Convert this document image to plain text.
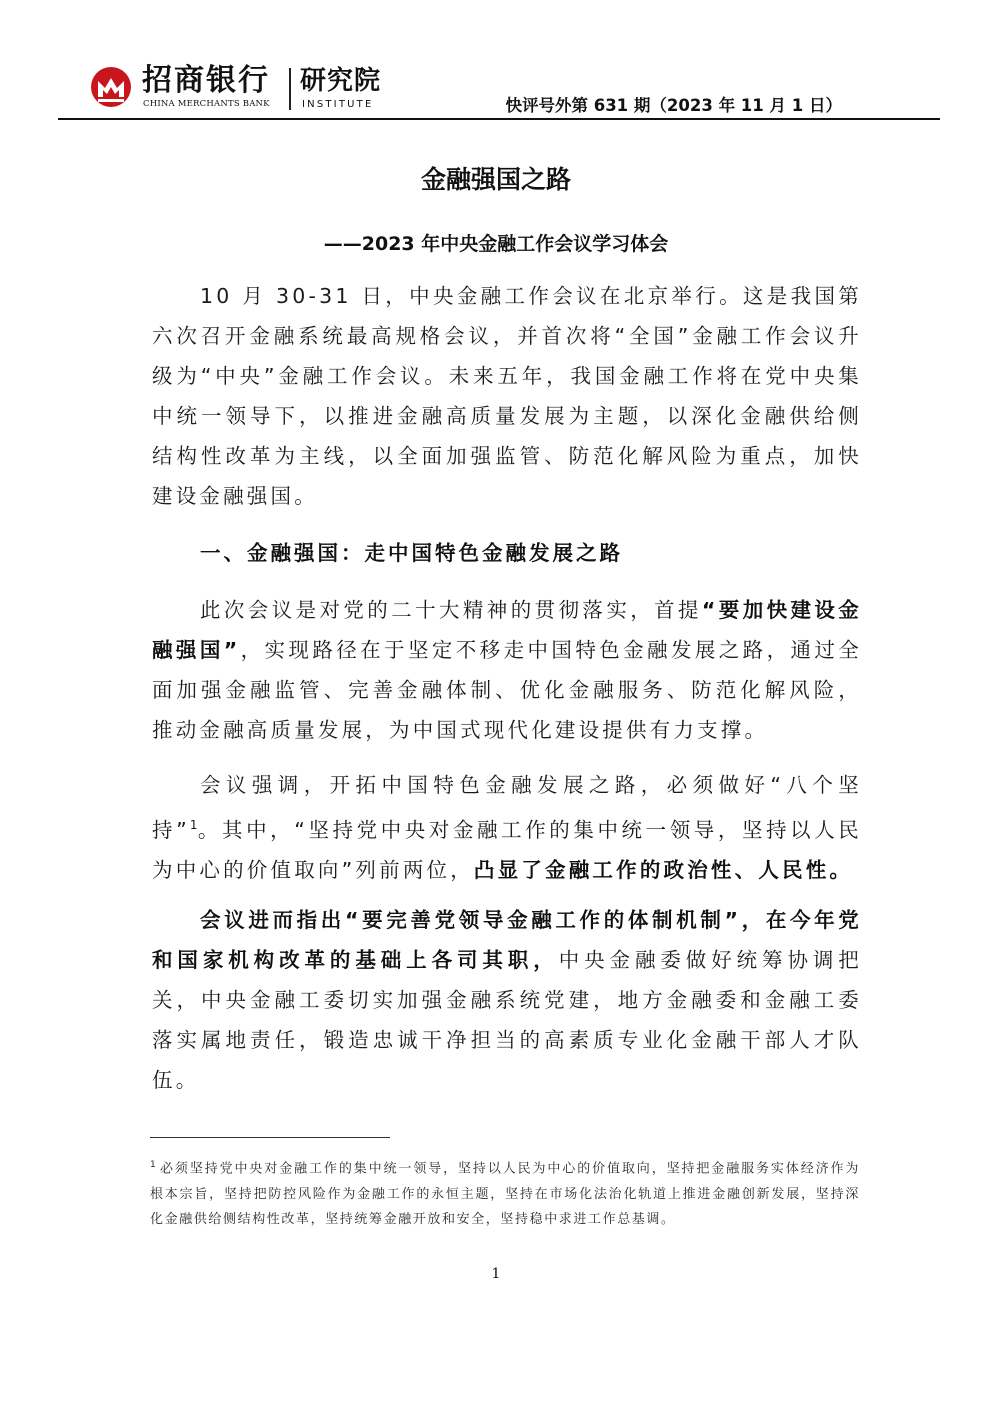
招商银行
CHINA MERCHANTS BANK
研究院
INSTITUTE	快评号外第 631 期（2023 年 11 月 1 日）
金融强国之路
——2023 年中央金融工作会议学习体会
10 月 30-31 日，中央金融工作会议在北京举行。这是我国第六次召开金融系统最高规格会议，并首次将“全国”金融工作会议升级为“中央”金融工作会议。未来五年，我国金融工作将在党中央集中统一领导下，以推进金融高质量发展为主题，以深化金融供给侧结构性改革为主线，以全面加强监管、防范化解风险为重点，加快建设金融强国。
一、金融强国：走中国特色金融发展之路
此次会议是对党的二十大精神的贯彻落实，首提“要加快建设金融强国”，实现路径在于坚定不移走中国特色金融发展之路，通过全面加强金融监管、完善金融体制、优化金融服务、防范化解风险，推动金融高质量发展，为中国式现代化建设提供有力支撑。
会议强调，开拓中国特色金融发展之路，必须做好“八个坚持”$^1$。其中，“坚持党中央对金融工作的集中统一领导，坚持以人民为中心的价值取向”列前两位，凸显了金融工作的政治性、人民性。
会议进而指出“要完善党领导金融工作的体制机制”，在今年党和国家机构改革的基础上各司其职，中央金融委做好统筹协调把关，中央金融工委切实加强金融系统党建，地方金融委和金融工委落实属地责任，锻造忠诚干净担当的高素质专业化金融干部人才队伍。
$^1$ 必须坚持党中央对金融工作的集中统一领导，坚持以人民为中心的价值取向，坚持把金融服务实体经济作为根本宗旨，坚持把防控风险作为金融工作的永恒主题，坚持在市场化法治化轨道上推进金融创新发展，坚持深化金融供给侧结构性改革，坚持统筹金融开放和安全，坚持稳中求进工作总基调。
1
